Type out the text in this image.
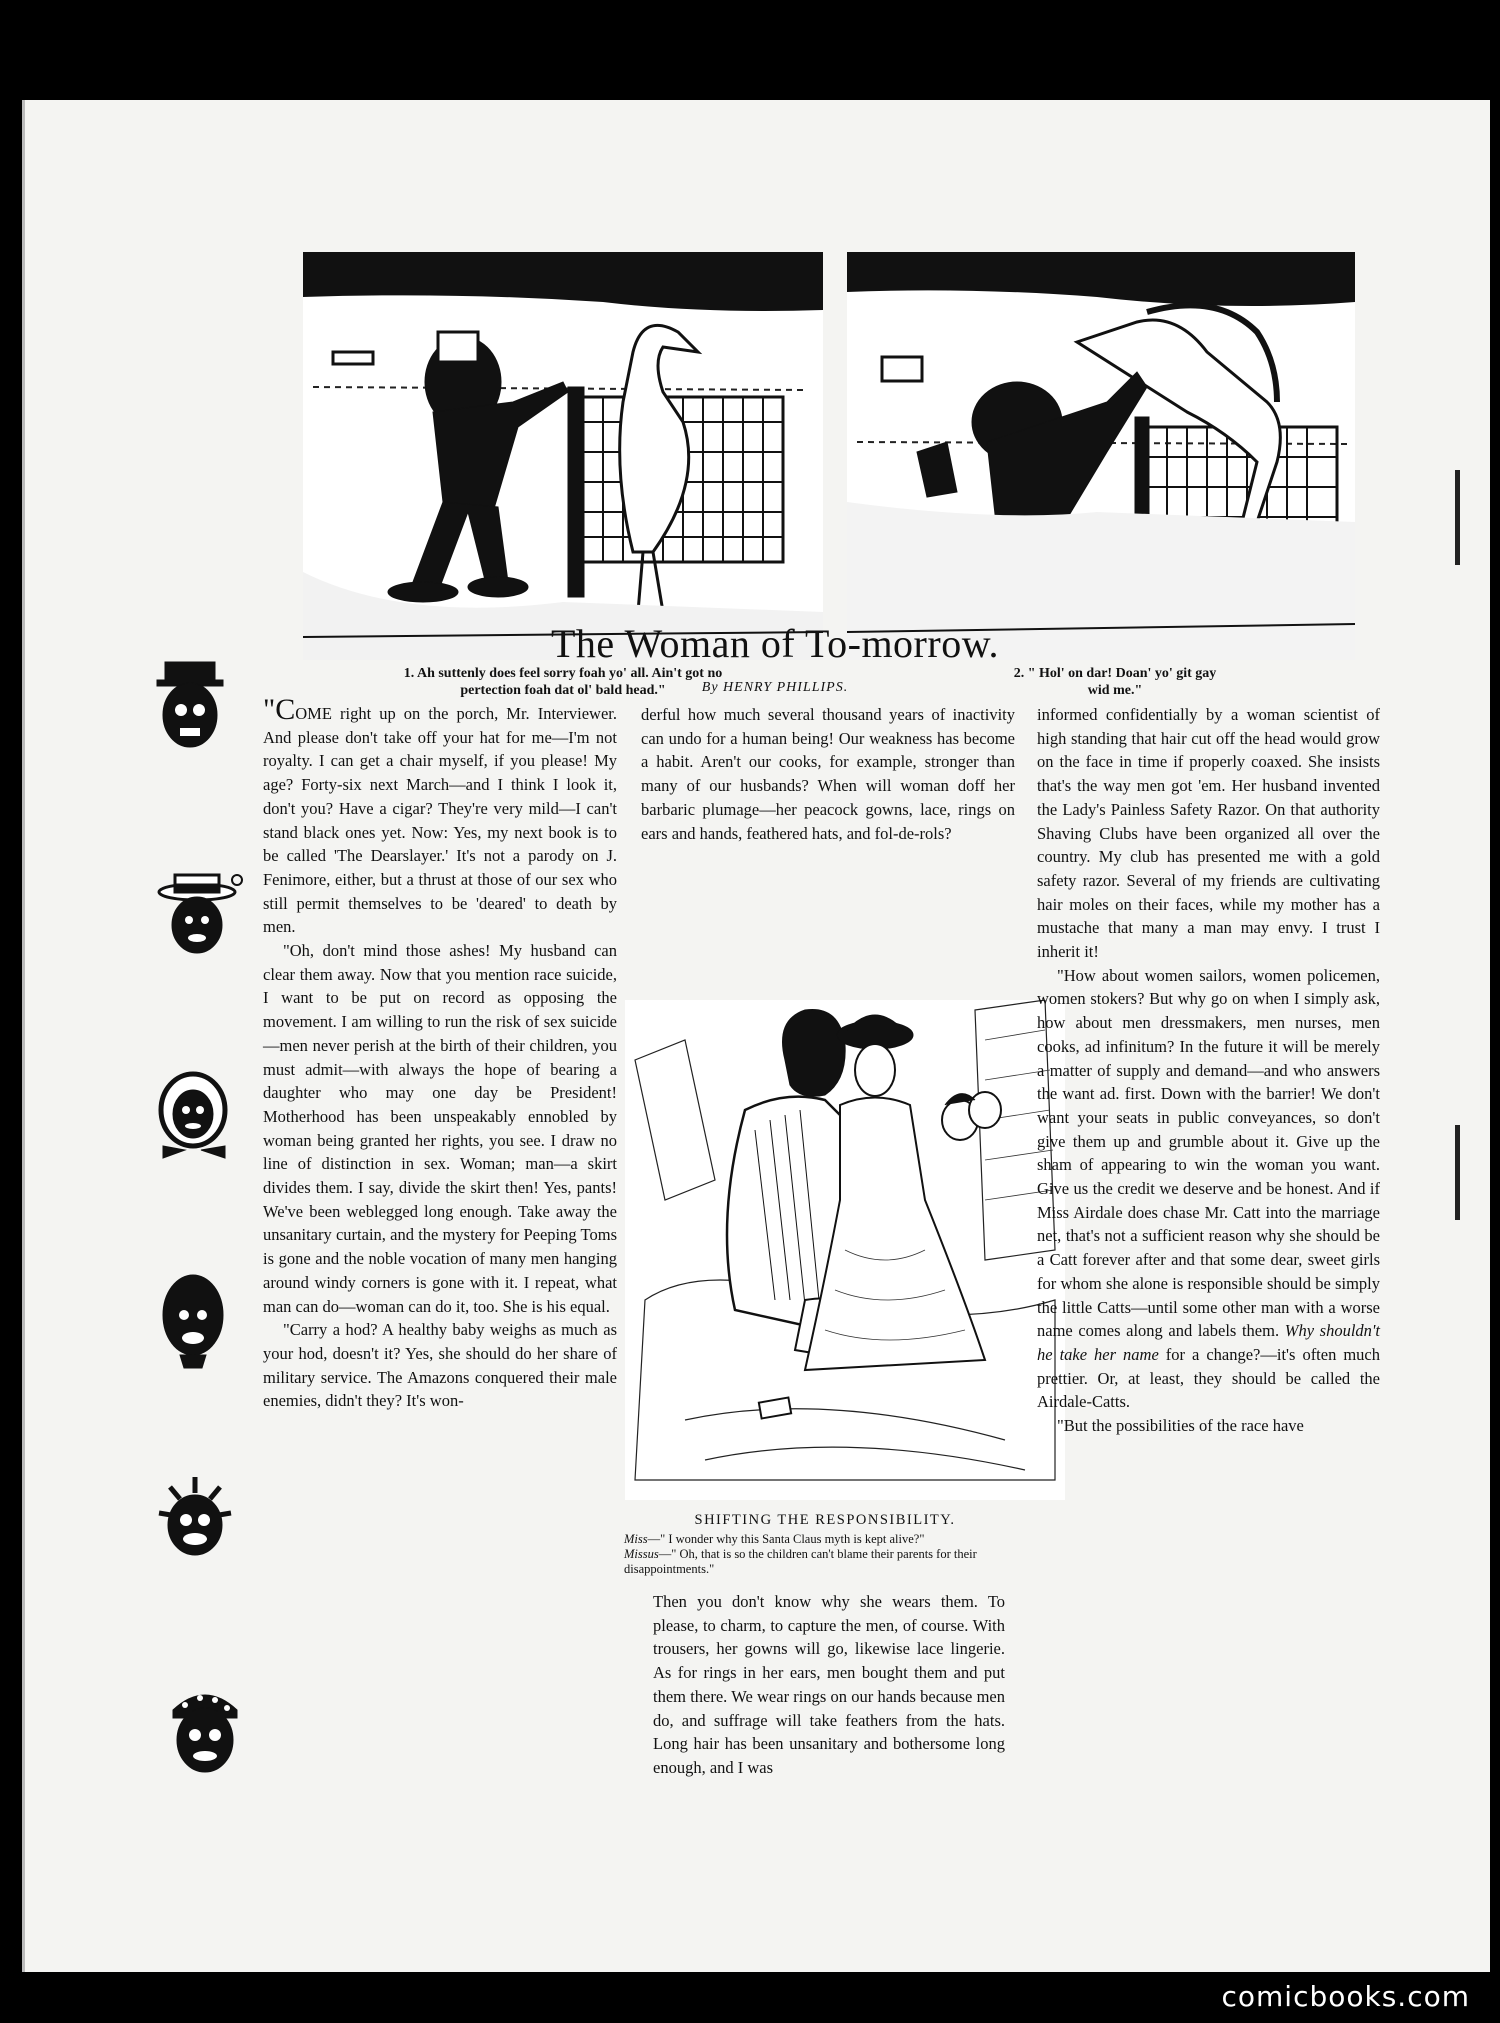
1. Ah suttenly does feel sorry foah yo' all. Ain't got no
pertection foah dat ol' bald head."
2. " Hol' on dar! Doan' yo' git gay
wid me."
The Woman of To-morrow.
By HENRY PHILLIPS.

"COME right up on the porch, Mr. Interviewer. And please don't take off your hat for me—I'm not royalty. I can get a chair myself, if you please! My age? Forty-six next March—and I think I look it, don't you? Have a cigar? They're very mild—I can't stand black ones yet. Now: Yes, my next book is to be called 'The Dearslayer.' It's not a parody on J. Fenimore, either, but a thrust at those of our sex who still permit themselves to be 'deared' to death by men.

"Oh, don't mind those ashes! My husband can clear them away. Now that you mention race suicide, I want to be put on record as opposing the movement. I am willing to run the risk of sex suicide—men never perish at the birth of their children, you must admit—with always the hope of bearing a daughter who may one day be President! Motherhood has been unspeakably ennobled by woman being granted her rights, you see. I draw no line of distinction in sex. Woman; man—a skirt divides them. I say, divide the skirt then! Yes, pants! We've been weblegged long enough. Take away the unsanitary curtain, and the mystery for Peeping Toms is gone and the noble vocation of many men hanging around windy corners is gone with it. I repeat, what man can do—woman can do it, too. She is his equal.

"Carry a hod? A healthy baby weighs as much as your hod, doesn't it? Yes, she should do her share of military service. The Amazons conquered their male enemies, didn't they? It's won-

derful how much several thousand years of inactivity can undo for a human being! Our weakness has become a habit. Aren't our cooks, for example, stronger than many of our husbands? When will woman doff her barbaric plumage—her peacock gowns, lace, rings on ears and hands, feathered hats, and fol-de-rols?

SHIFTING THE RESPONSIBILITY.
Miss—" I wonder why this Santa Claus myth is kept alive?"
Missus—" Oh, that is so the children can't blame their parents for their disappointments."

Then you don't know why she wears them. To please, to charm, to capture the men, of course. With trousers, her gowns will go, likewise lace lingerie. As for rings in her ears, men bought them and put them there. We wear rings on our hands because men do, and suffrage will take feathers from the hats. Long hair has been unsanitary and bothersome long enough, and I was

informed confidentially by a woman scientist of high standing that hair cut off the head would grow on the face in time if properly coaxed. She insists that's the way men got 'em. Her husband invented the Lady's Painless Safety Razor. On that authority Shaving Clubs have been organized all over the country. My club has presented me with a gold safety razor. Several of my friends are cultivating hair moles on their faces, while my mother has a mustache that many a man may envy. I trust I inherit it!

"How about women sailors, women policemen, women stokers? But why go on when I simply ask, how about men dressmakers, men nurses, men cooks, ad infinitum? In the future it will be merely a matter of supply and demand—and who answers the want ad. first. Down with the barrier! We don't want your seats in public conveyances, so don't give them up and grumble about it. Give up the sham of appearing to win the woman you want. Give us the credit we deserve and be honest. And if Miss Airdale does chase Mr. Catt into the marriage net, that's not a sufficient reason why she should be a Catt forever after and that some dear, sweet girls for whom she alone is responsible should be simply the little Catts—until some other man with a worse name comes along and labels them. Why shouldn't he take her name for a change?—it's often much prettier. Or, at least, they should be called the Airdale-Catts.

"But the possibilities of the race have

comicbooks.com
